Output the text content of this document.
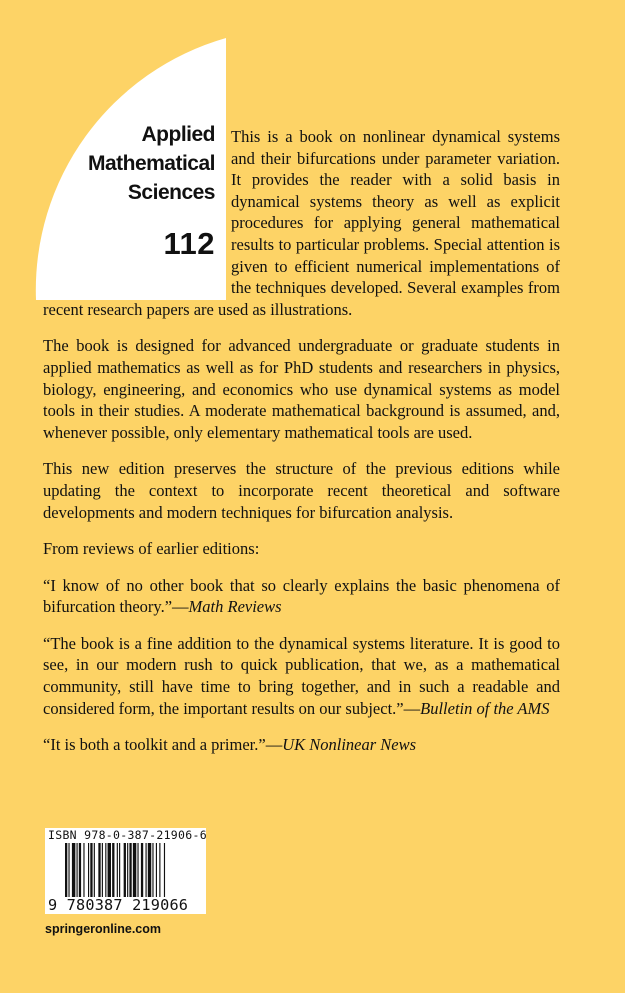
Applied
Mathematical
Sciences
112
This is a book on nonlinear dynamical systems and their bifurcations under parameter variation. It provides the reader with a solid basis in dynamical systems theory as well as explicit procedures for applying general mathematical results to particular problems. Special attention is given to efficient numerical implementations of the techniques developed. Several examples from recent research papers are used as illustrations.

The book is designed for advanced undergraduate or graduate students in applied mathematics as well as for PhD students and researchers in physics, biology, engineering, and economics who use dynamical systems as model tools in their studies. A moderate mathematical background is assumed, and, whenever possible, only elementary mathematical tools are used.

This new edition preserves the structure of the previous editions while updating the context to incorporate recent theoretical and software developments and modern techniques for bifurcation analysis.

From reviews of earlier editions:

“I know of no other book that so clearly explains the basic phenomena of bifurcation theory.”—Math Reviews

“The book is a fine addition to the dynamical systems literature. It is good to see, in our modern rush to quick publication, that we, as a mathematical community, still have time to bring together, and in such a readable and considered form, the important results on our subject.”—Bulletin of the AMS

“It is both a toolkit and a primer.”—UK Nonlinear News

ISBN 978-0-387-21906-6
9 780387 219066
springeronline.com
